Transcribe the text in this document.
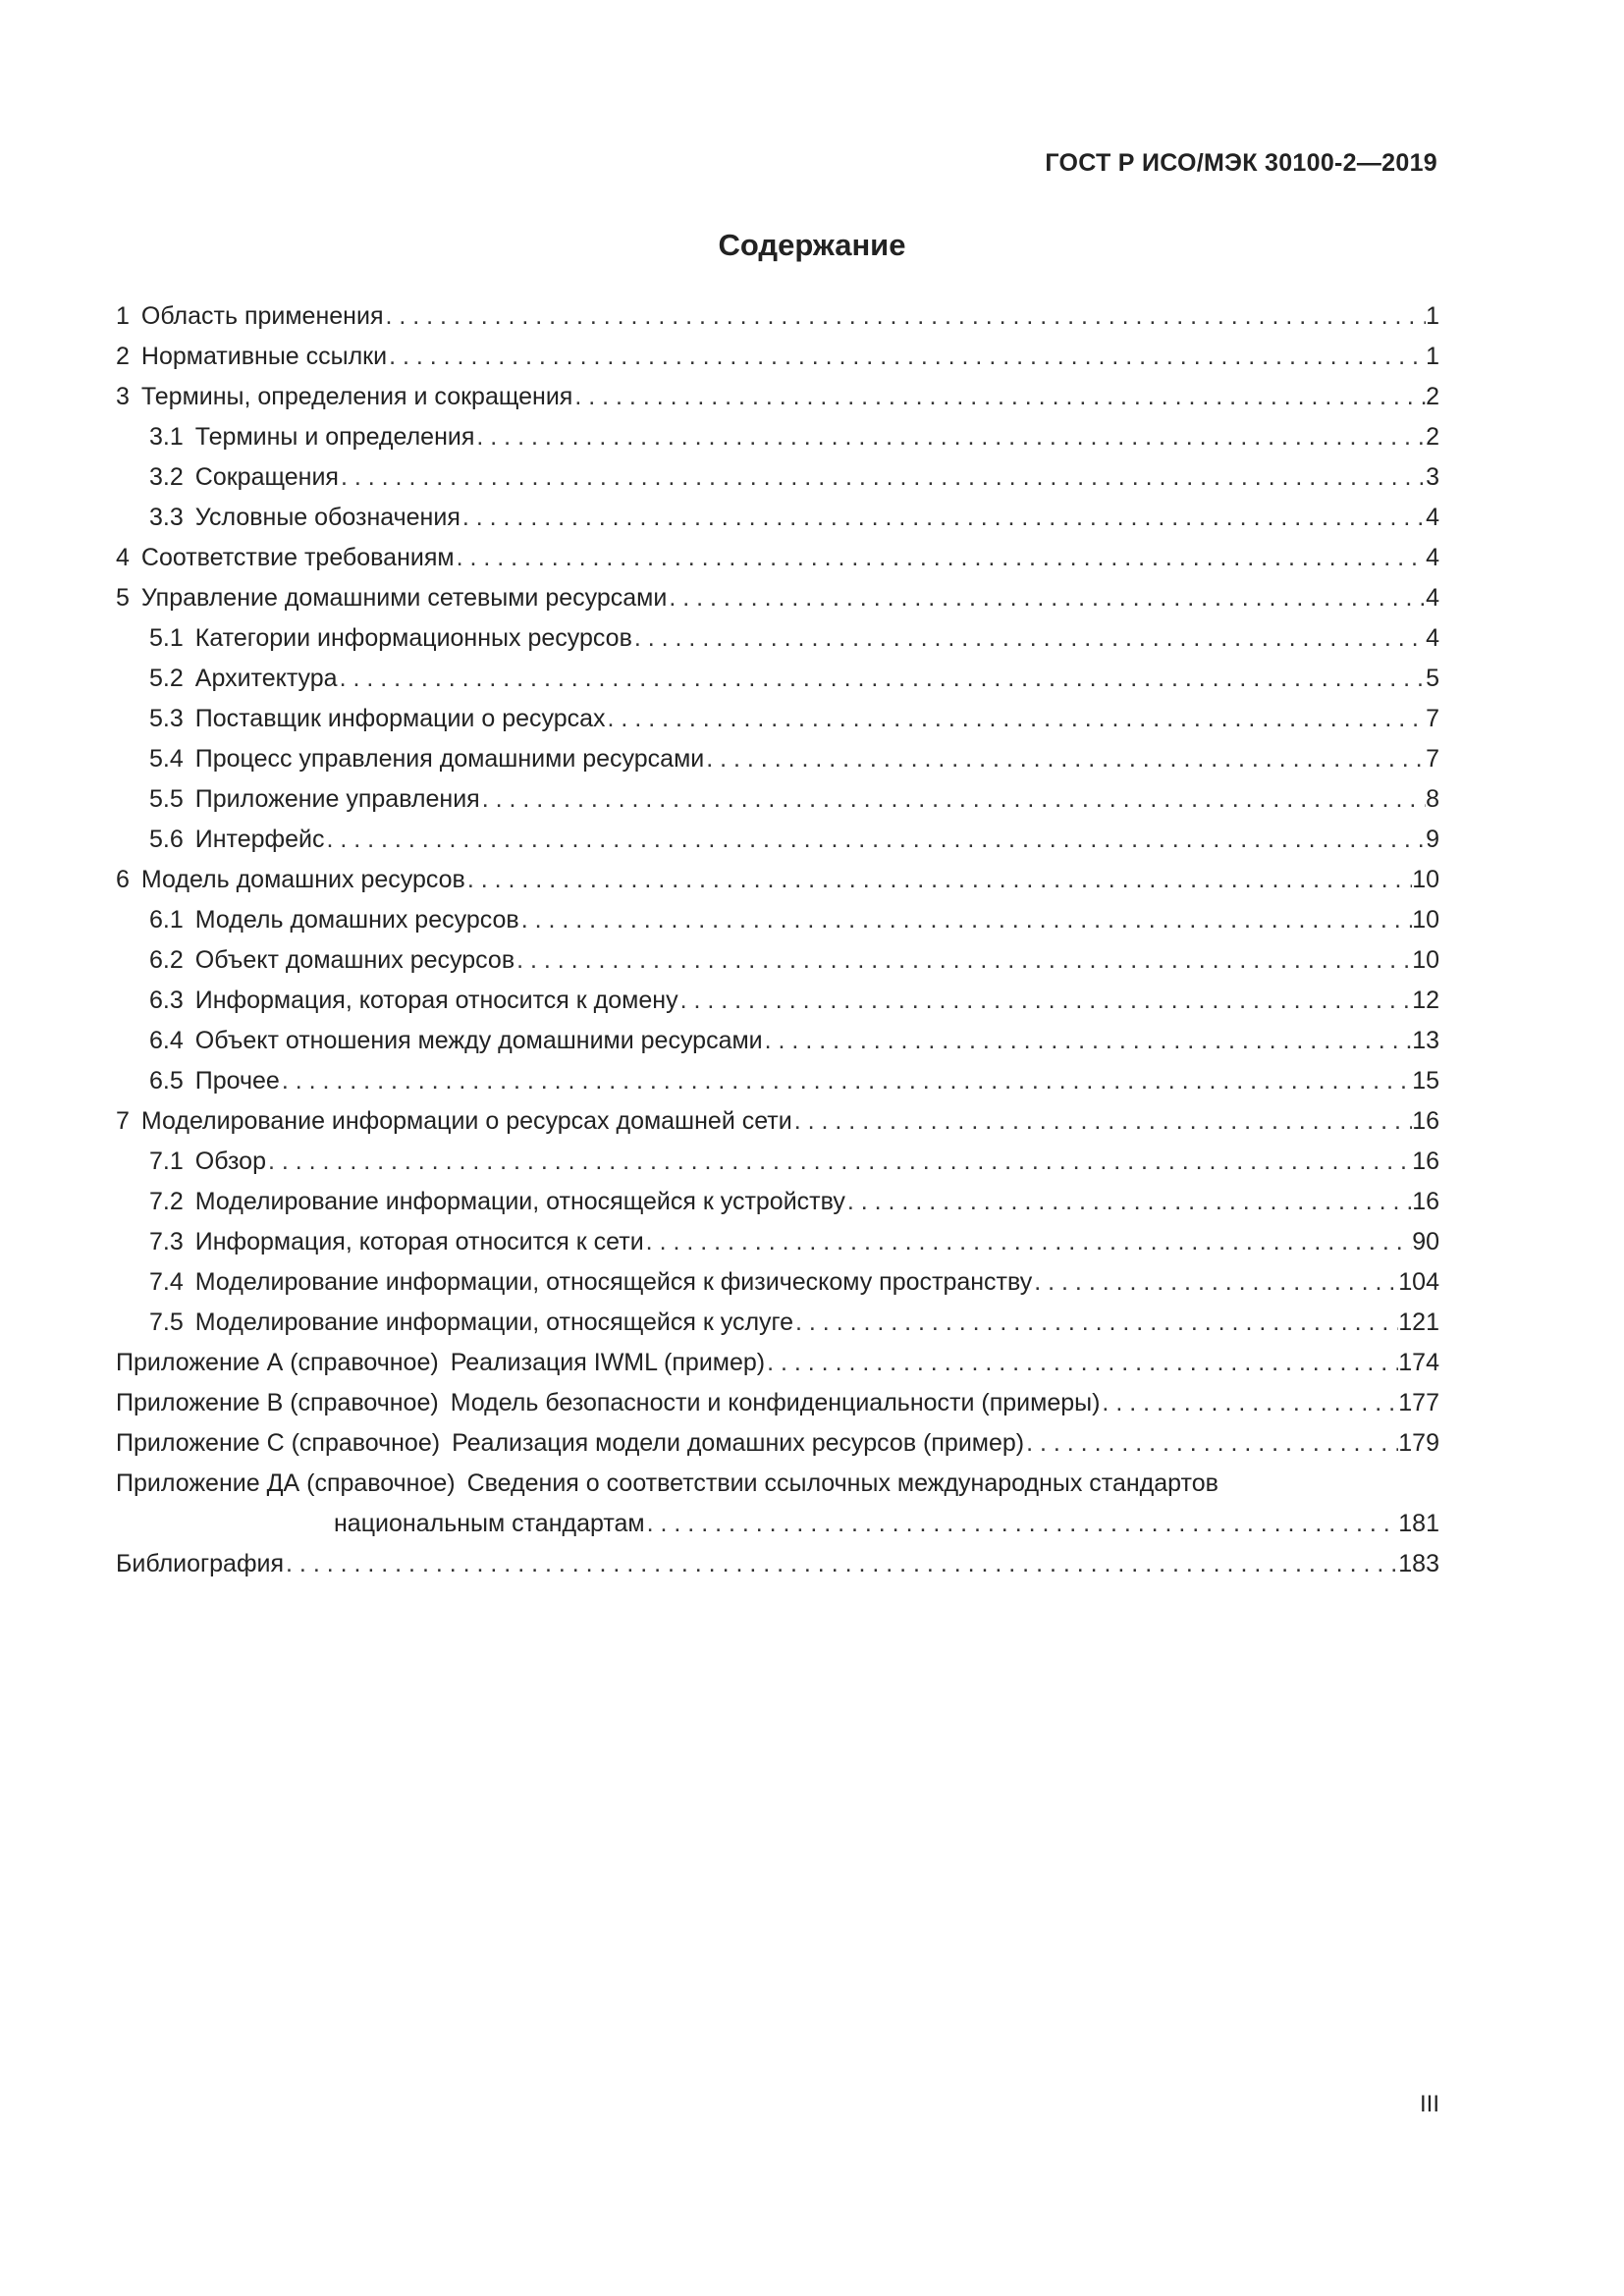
ГОСТ Р ИСО/МЭК 30100-2—2019
Содержание
1 Область применения . . .	1
2 Нормативные ссылки . . .	1
3 Термины, определения и сокращения . . .	2
3.1 Термины и определения . . .	2
3.2 Сокращения . . .	3
3.3 Условные обозначения . . .	4
4 Соответствие требованиям . . .	4
5 Управление домашними сетевыми ресурсами . . .	4
5.1 Категории информационных ресурсов . . .	4
5.2 Архитектура . . .	5
5.3 Поставщик информации о ресурсах . . .	7
5.4 Процесс управления домашними ресурсами . . .	7
5.5 Приложение управления . . .	8
5.6 Интерфейс . . .	9
6 Модель домашних ресурсов . . .	10
6.1 Модель домашних ресурсов . . .	10
6.2 Объект домашних ресурсов . . .	10
6.3 Информация, которая относится к домену . . .	12
6.4 Объект отношения между домашними ресурсами . . .	13
6.5 Прочее . . .	15
7 Моделирование информации о ресурсах домашней сети . . .	16
7.1 Обзор . . .	16
7.2 Моделирование информации, относящейся к устройству . . .	16
7.3 Информация, которая относится к сети . . .	90
7.4 Моделирование информации, относящейся к физическому пространству . . .	104
7.5 Моделирование информации, относящейся к услуге . . .	121
Приложение А (справочное) Реализация IWML (пример) . . .	174
Приложение В (справочное) Модель безопасности и конфиденциальности (примеры) . . .	177
Приложение С (справочное) Реализация модели домашних ресурсов (пример) . . .	179
Приложение ДА (справочное) Сведения о соответствии ссылочных международных стандартов
национальным стандартам . . .	181
Библиография . . .	183
III
